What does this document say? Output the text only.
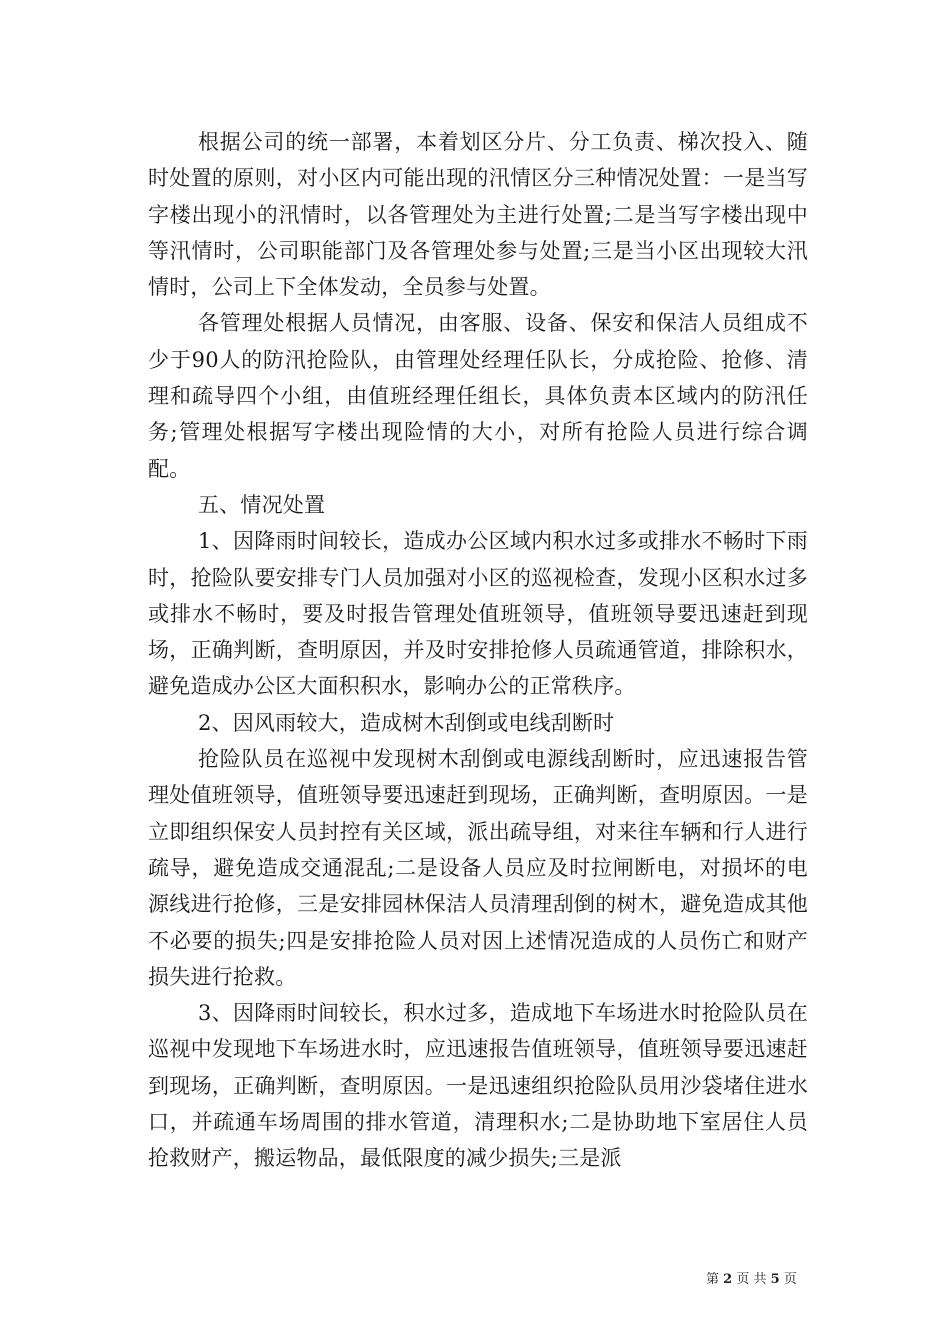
根据公司的统一部署，本着划区分片、分工负责、梯次投入、随时处置的原则，对小区内可能出现的汛情区分三种情况处置：一是当写字楼出现小的汛情时，以各管理处为主进行处置;二是当写字楼出现中等汛情时，公司职能部门及各管理处参与处置;三是当小区出现较大汛情时，公司上下全体发动，全员参与处置。

各管理处根据人员情况，由客服、设备、保安和保洁人员组成不少于90人的防汛抢险队，由管理处经理任队长，分成抢险、抢修、清理和疏导四个小组，由值班经理任组长，具体负责本区域内的防汛任务;管理处根据写字楼出现险情的大小，对所有抢险人员进行综合调配。

五、情况处置

1、因降雨时间较长，造成办公区域内积水过多或排水不畅时下雨时，抢险队要安排专门人员加强对小区的巡视检查，发现小区积水过多或排水不畅时，要及时报告管理处值班领导，值班领导要迅速赶到现场，正确判断，查明原因，并及时安排抢修人员疏通管道，排除积水，避免造成办公区大面积积水，影响办公的正常秩序。

2、因风雨较大，造成树木刮倒或电线刮断时

抢险队员在巡视中发现树木刮倒或电源线刮断时，应迅速报告管理处值班领导，值班领导要迅速赶到现场，正确判断，查明原因。一是立即组织保安人员封控有关区域，派出疏导组，对来往车辆和行人进行疏导，避免造成交通混乱;二是设备人员应及时拉闸断电，对损坏的电源线进行抢修，三是安排园林保洁人员清理刮倒的树木，避免造成其他不必要的损失;四是安排抢险人员对因上述情况造成的人员伤亡和财产损失进行抢救。

3、因降雨时间较长，积水过多，造成地下车场进水时抢险队员在巡视中发现地下车场进水时，应迅速报告值班领导，值班领导要迅速赶到现场，正确判断，查明原因。一是迅速组织抢险队员用沙袋堵住进水口，并疏通车场周围的排水管道，清理积水;二是协助地下室居住人员抢救财产，搬运物品，最低限度的减少损失;三是派

第 2 页 共 5 页
